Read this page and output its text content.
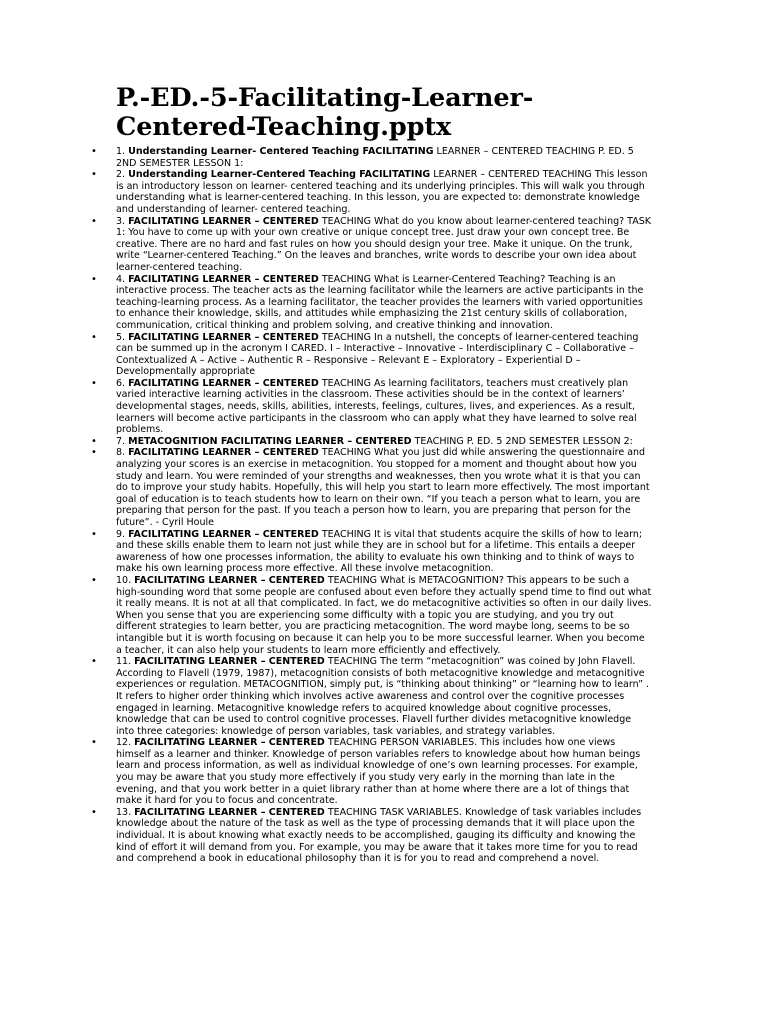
P.-ED.-5-Facilitating-Learner-Centered-Teaching.pptx
• 1. Understanding Learner- Centered Teaching FACILITATING LEARNER – CENTERED TEACHING P. ED. 5 2ND SEMESTER LESSON 1:
• 2. Understanding Learner-Centered Teaching FACILITATING LEARNER – CENTERED TEACHING This lesson is an introductory lesson on learner- centered teaching and its underlying principles. This will walk you through understanding what is learner-centered teaching. In this lesson, you are expected to: demonstrate knowledge and understanding of learner- centered teaching.
• 3. FACILITATING LEARNER – CENTERED TEACHING What do you know about learner-centered teaching? TASK 1: You have to come up with your own creative or unique concept tree. Just draw your own concept tree. Be creative. There are no hard and fast rules on how you should design your tree. Make it unique. On the trunk, write “Learner-centered Teaching.” On the leaves and branches, write words to describe your own idea about learner-centered teaching.
• 4. FACILITATING LEARNER – CENTERED TEACHING What is Learner-Centered Teaching? Teaching is an interactive process. The teacher acts as the learning facilitator while the learners are active participants in the teaching-learning process. As a learning facilitator, the teacher provides the learners with varied opportunities to enhance their knowledge, skills, and attitudes while emphasizing the 21st century skills of collaboration, communication, critical thinking and problem solving, and creative thinking and innovation.
• 5. FACILITATING LEARNER – CENTERED TEACHING In a nutshell, the concepts of learner-centered teaching can be summed up in the acronym I CARED. I – Interactive – Innovative – Interdisciplinary C – Collaborative – Contextualized A – Active – Authentic R – Responsive – Relevant E – Exploratory – Experiential D – Developmentally appropriate
• 6. FACILITATING LEARNER – CENTERED TEACHING As learning facilitators, teachers must creatively plan varied interactive learning activities in the classroom. These activities should be in the context of learners’ developmental stages, needs, skills, abilities, interests, feelings, cultures, lives, and experiences. As a result, learners will become active participants in the classroom who can apply what they have learned to solve real problems.
• 7. METACOGNITION FACILITATING LEARNER – CENTERED TEACHING P. ED. 5 2ND SEMESTER LESSON 2:
• 8. FACILITATING LEARNER – CENTERED TEACHING What you just did while answering the questionnaire and analyzing your scores is an exercise in metacognition. You stopped for a moment and thought about how you study and learn. You were reminded of your strengths and weaknesses, then you wrote what it is that you can do to improve your study habits. Hopefully, this will help you start to learn more effectively. The most important goal of education is to teach students how to learn on their own. “If you teach a person what to learn, you are preparing that person for the past. If you teach a person how to learn, you are preparing that person for the future”. - Cyril Houle
• 9. FACILITATING LEARNER – CENTERED TEACHING It is vital that students acquire the skills of how to learn; and these skills enable them to learn not just while they are in school but for a lifetime. This entails a deeper awareness of how one processes information, the ability to evaluate his own thinking and to think of ways to make his own learning process more effective. All these involve metacognition.
• 10. FACILITATING LEARNER – CENTERED TEACHING What is METACOGNITION? This appears to be such a high-sounding word that some people are confused about even before they actually spend time to find out what it really means. It is not at all that complicated. In fact, we do metacognitive activities so often in our daily lives. When you sense that you are experiencing some difficulty with a topic you are studying, and you try out different strategies to learn better, you are practicing metacognition. The word maybe long, seems to be so intangible but it is worth focusing on because it can help you to be more successful learner. When you become a teacher, it can also help your students to learn more efficiently and effectively.
• 11. FACILITATING LEARNER – CENTERED TEACHING The term “metacognition” was coined by John Flavell. According to Flavell (1979, 1987), metacognition consists of both metacognitive knowledge and metacognitive experiences or regulation. METACOGNITION, simply put, is “thinking about thinking” or “learning how to learn” . It refers to higher order thinking which involves active awareness and control over the cognitive processes engaged in learning. Metacognitive knowledge refers to acquired knowledge about cognitive processes, knowledge that can be used to control cognitive processes. Flavell further divides metacognitive knowledge into three categories: knowledge of person variables, task variables, and strategy variables.
• 12. FACILITATING LEARNER – CENTERED TEACHING PERSON VARIABLES. This includes how one views himself as a learner and thinker. Knowledge of person variables refers to knowledge about how human beings learn and process information, as well as individual knowledge of one’s own learning processes. For example, you may be aware that you study more effectively if you study very early in the morning than late in the evening, and that you work better in a quiet library rather than at home where there are a lot of things that make it hard for you to focus and concentrate.
• 13. FACILITATING LEARNER – CENTERED TEACHING TASK VARIABLES. Knowledge of task variables includes knowledge about the nature of the task as well as the type of processing demands that it will place upon the individual. It is about knowing what exactly needs to be accomplished, gauging its difficulty and knowing the kind of effort it will demand from you. For example, you may be aware that it takes more time for you to read and comprehend a book in educational philosophy than it is for you to read and comprehend a novel.
